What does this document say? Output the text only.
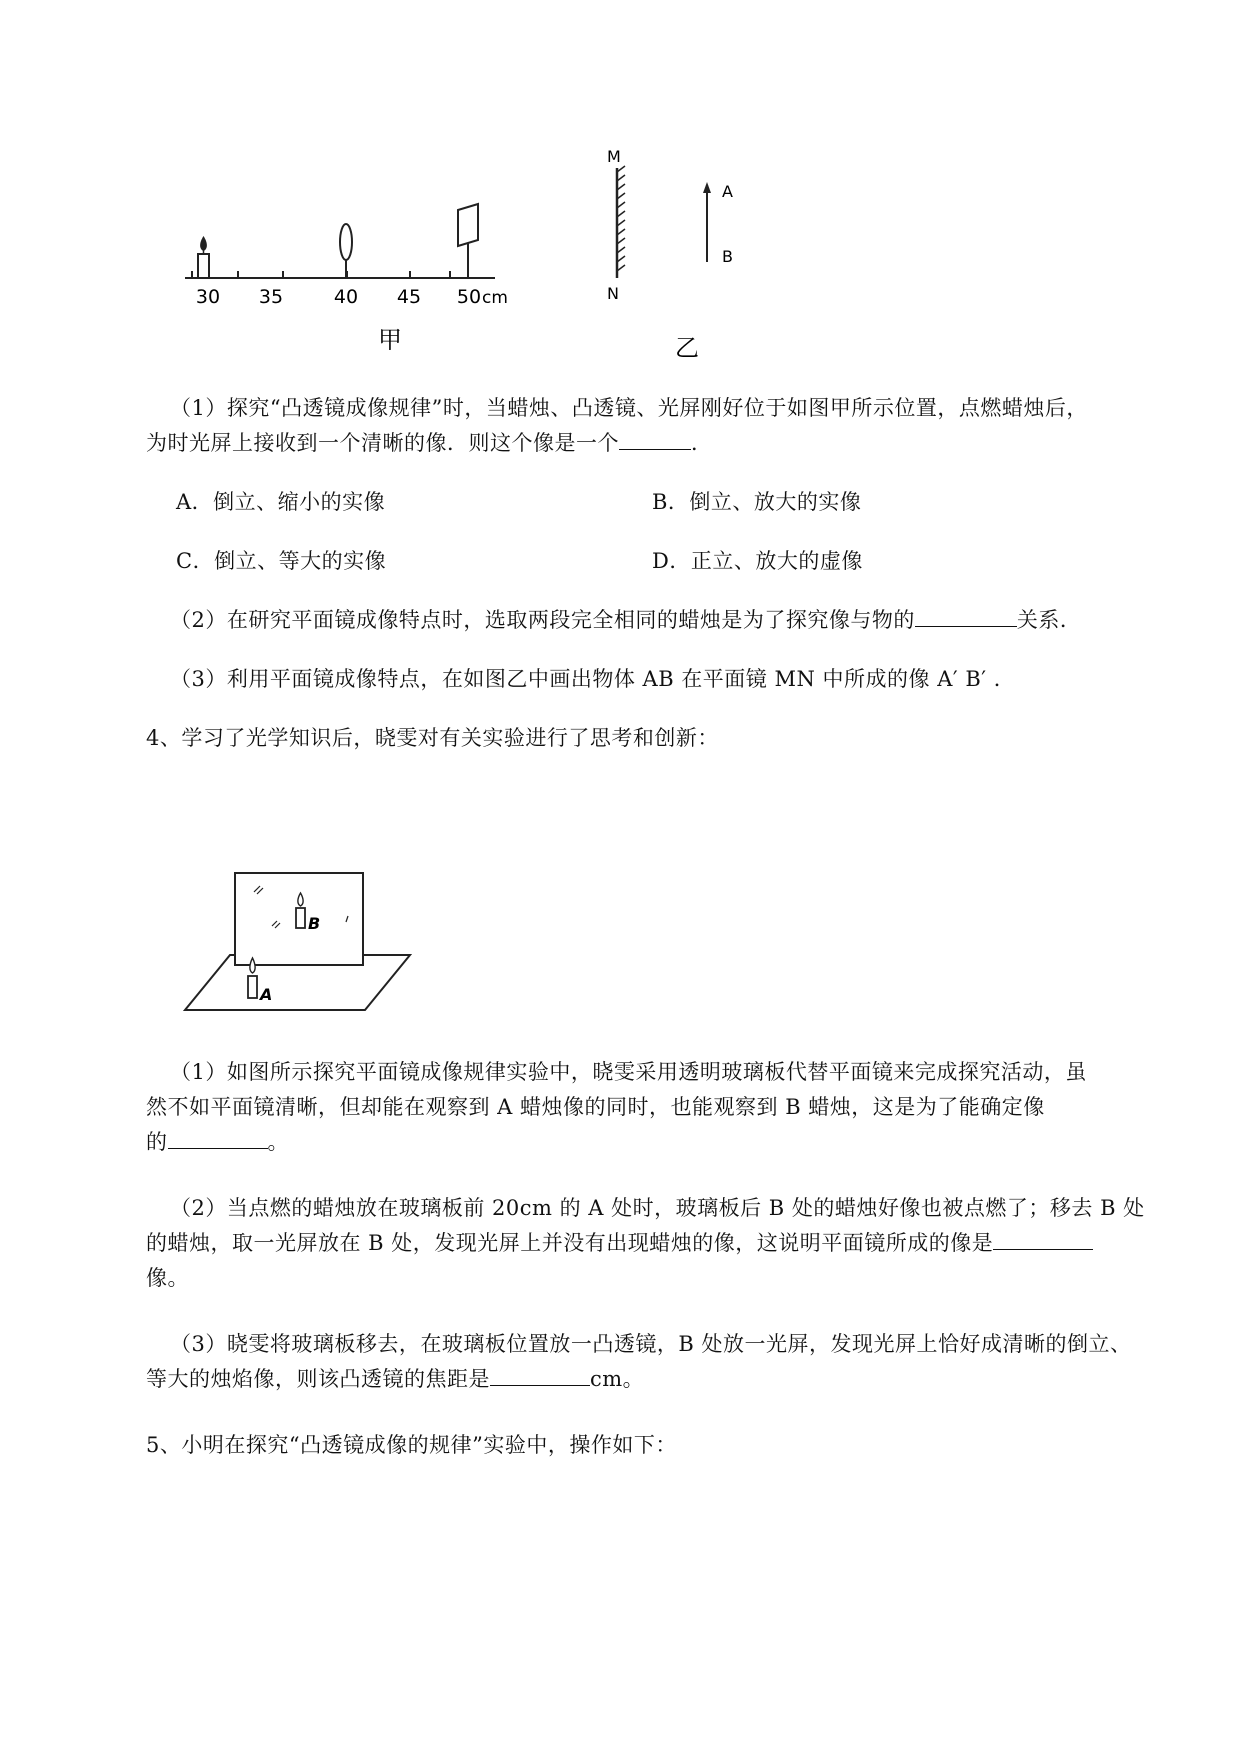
30 35	40 45 50 cm
甲
M
N
A
B
乙
（1）探究“凸透镜成像规律”时，当蜡烛、凸透镜、光屏刚好位于如图甲所示位置，点燃蜡烛后，
为时光屏上接收到一个清晰的像．则这个像是一个	．
A．倒立、缩小的实像	B．倒立、放大的实像
C．倒立、等大的实像	D．正立、放大的虚像
（2）在研究平面镜成像特点时，选取两段完全相同的蜡烛是为了探究像与物的	关系．
（3）利用平面镜成像特点，在如图乙中画出物体 AB 在平面镜 MN 中所成的像 A′ B′ ．
4、学习了光学知识后，晓雯对有关实验进行了思考和创新：
B
A
（1）如图所示探究平面镜成像规律实验中，晓雯采用透明玻璃板代替平面镜来完成探究活动，虽
然不如平面镜清晰，但却能在观察到 A 蜡烛像的同时，也能观察到 B 蜡烛，这是为了能确定像
的	。
（2）当点燃的蜡烛放在玻璃板前 20cm 的 A 处时，玻璃板后 B 处的蜡烛好像也被点燃了；移去 B 处
的蜡烛，取一光屏放在 B 处，发现光屏上并没有出现蜡烛的像，这说明平面镜所成的像是
像。
（3）晓雯将玻璃板移去，在玻璃板位置放一凸透镜，B 处放一光屏，发现光屏上恰好成清晰的倒立、
等大的烛焰像，则该凸透镜的焦距是	cm。
5、小明在探究“凸透镜成像的规律”实验中，操作如下：
